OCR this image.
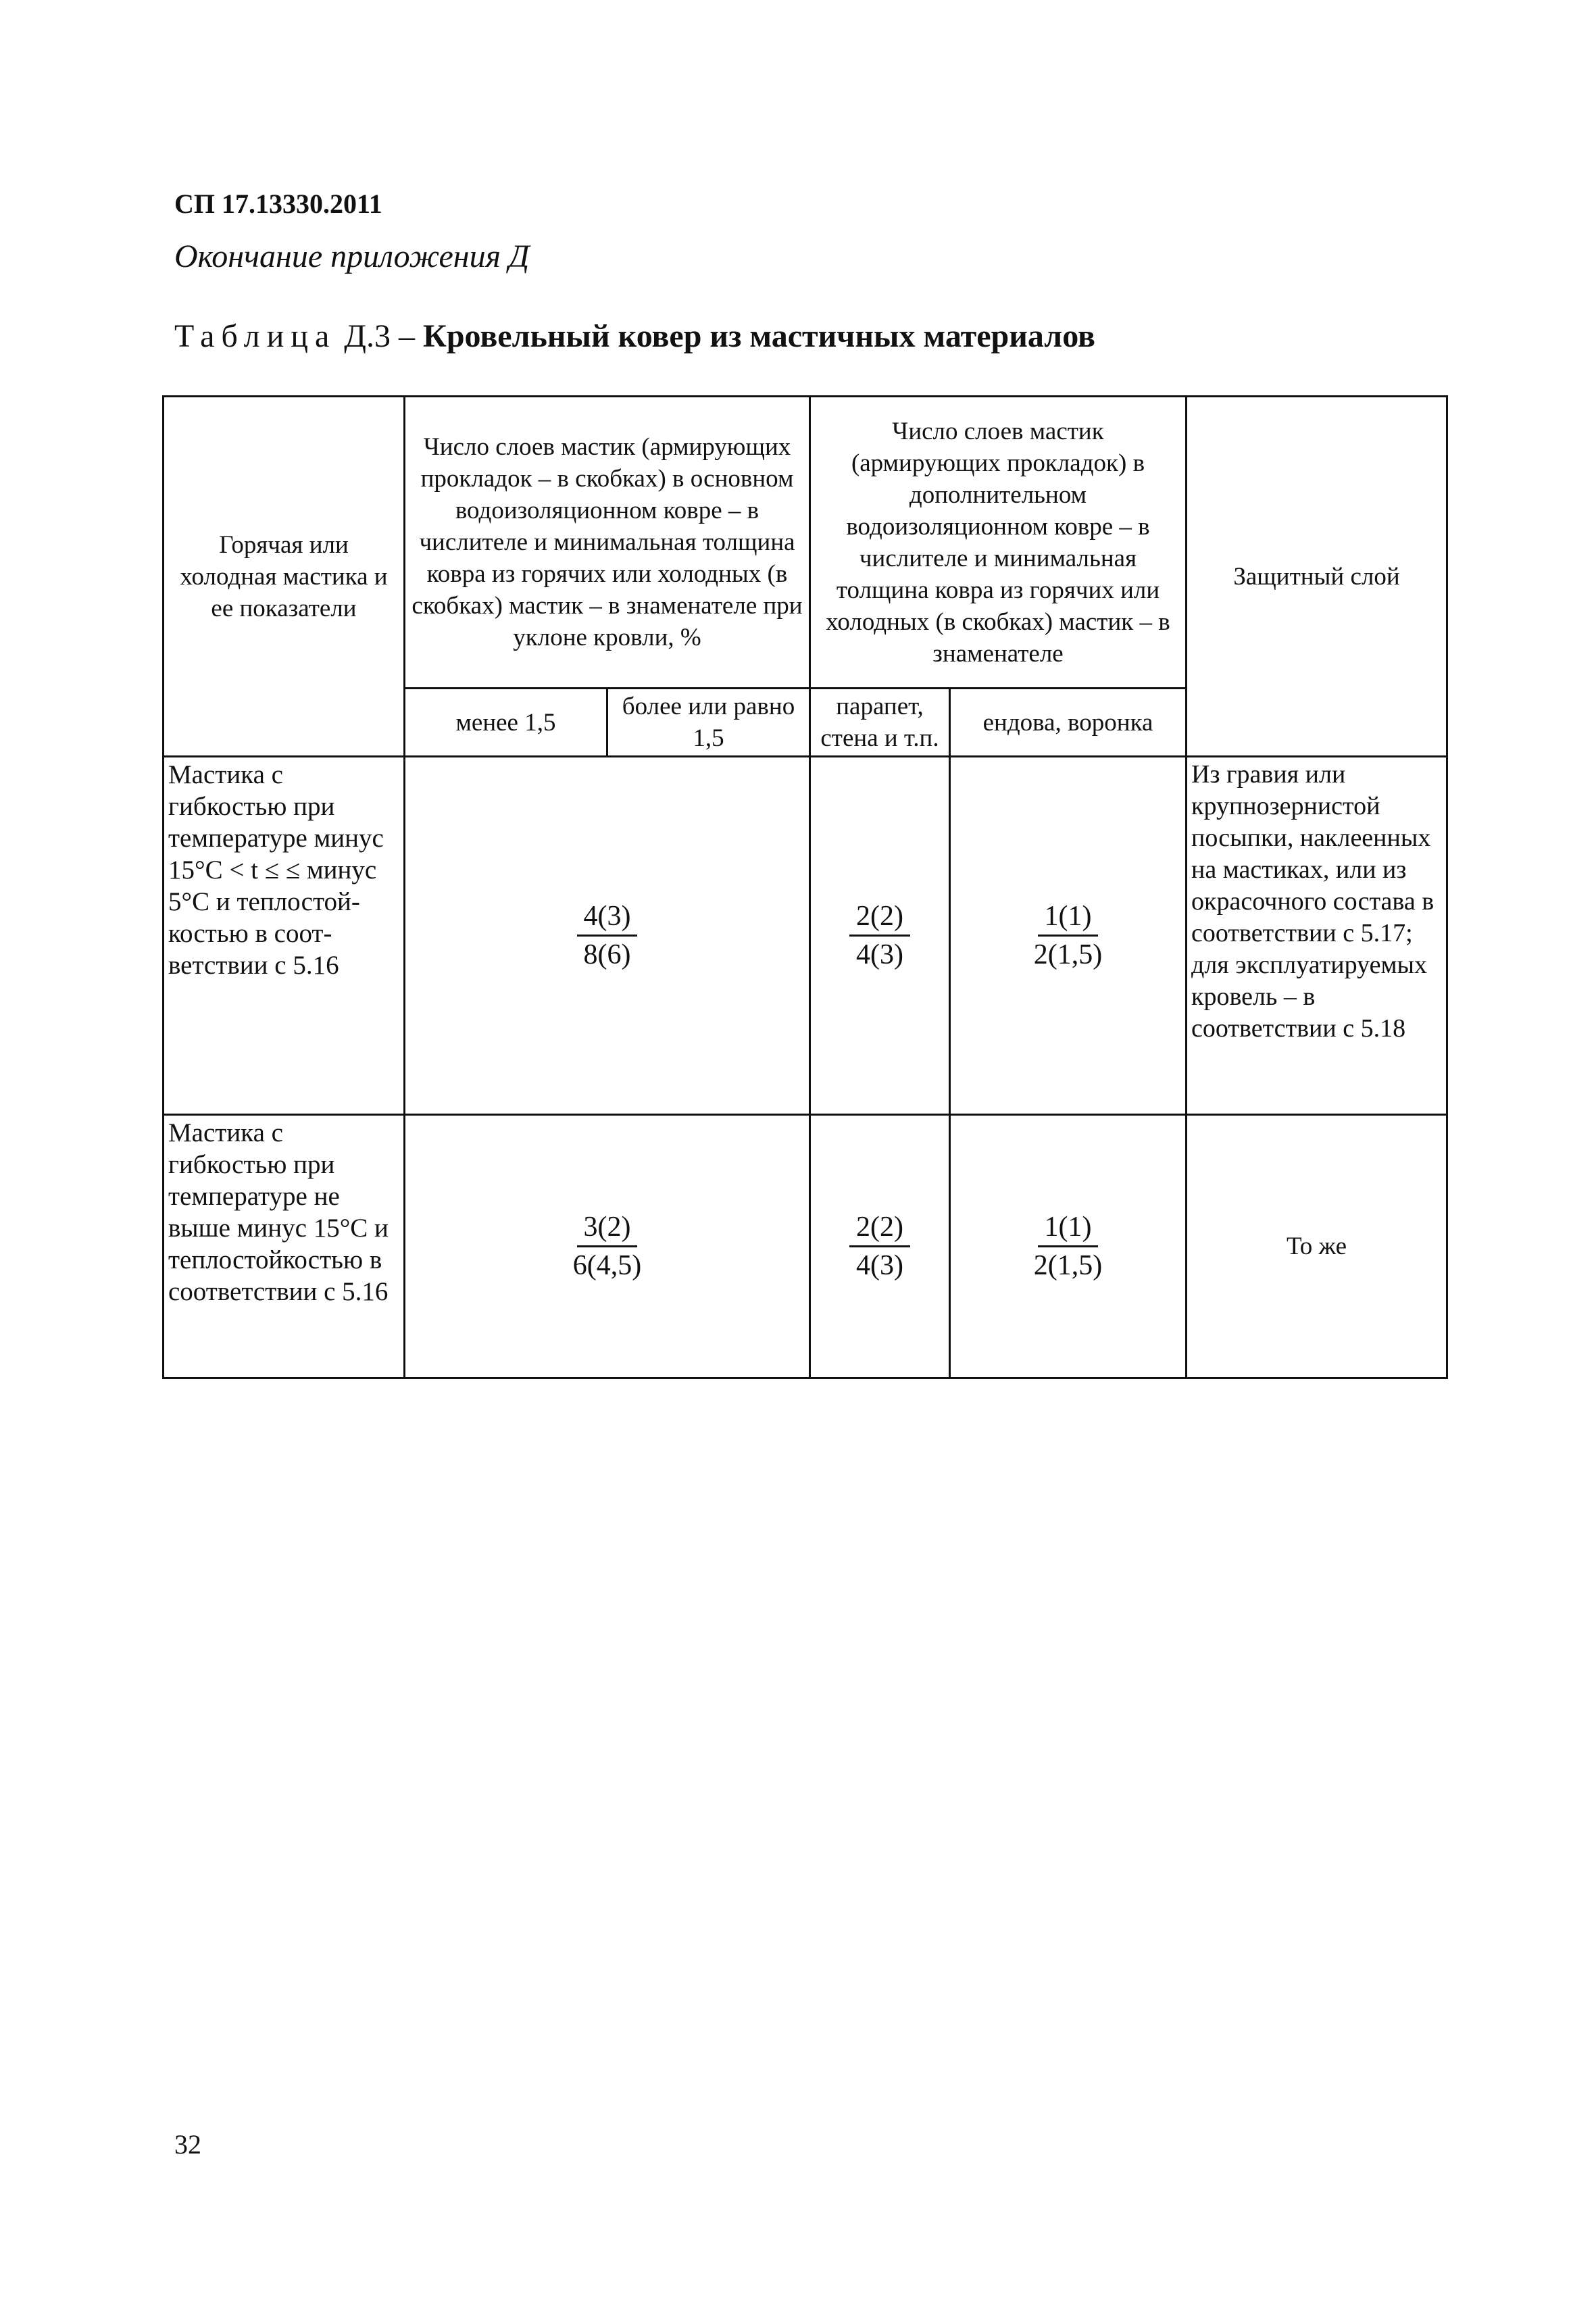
СП 17.13330.2011
Окончание приложения Д
Таблица Д.3 – Кровельный ковер из мастичных материалов
Горячая или холодная мастика и ее показатели	Число слоев мастик (армирующих прокладок – в скобках) в основном водоизоляционном ковре – в числителе и минимальная толщина ковра из горячих или холодных (в скобках) мастик – в знаменателе при уклоне кровли, %		Число слоев мастик (армирующих прокладок) в дополнительном водоизоляционном ковре – в числителе и минимальная толщина ковра из горячих или холодных (в скобках) мастик – в знаменателе		Защитный слой
	менее 1,5	более или равно 1,5	парапет, стена и т.п.	ендова, воронка	
Мастика с гибкостью при температуре минус 15°С < t ≤ ≤ минус 5°С и теплостой-костью в соот-ветствии с 5.16	$\frac{4(3)}{8(6)}$		$\frac{2(2)}{4(3)}$	$\frac{1(1)}{2(1,5)}$	Из гравия или крупнозернистой посыпки, наклеенных на мастиках, или из окрасочного состава в соответствии с 5.17; для эксплуатируемых кровель – в соответствии с 5.18
Мастика с гибкостью при температуре не выше минус 15°С и теплостойкостью в соответствии с 5.16	$\frac{3(2)}{6(4,5)}$		$\frac{2(2)}{4(3)}$	$\frac{1(1)}{2(1,5)}$	То же
32
